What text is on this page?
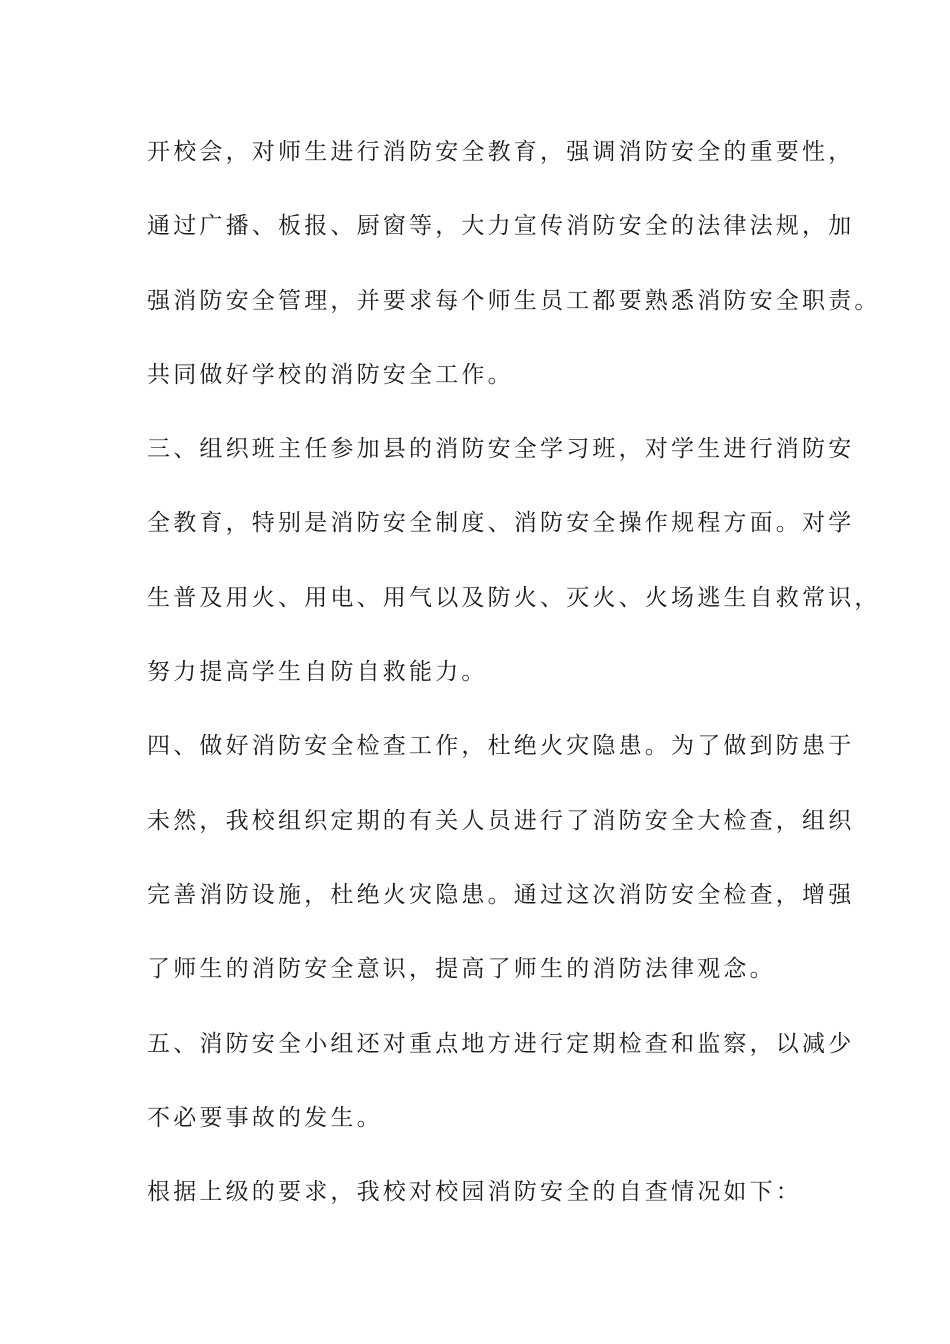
开校会，对师生进行消防安全教育，强调消防安全的重要性，
通过广播、板报、厨窗等，大力宣传消防安全的法律法规，加
强消防安全管理，并要求每个师生员工都要熟悉消防安全职责。
共同做好学校的消防安全工作。
三、组织班主任参加县的消防安全学习班，对学生进行消防安
全教育，特别是消防安全制度、消防安全操作规程方面。对学
生普及用火、用电、用气以及防火、灭火、火场逃生自救常识，
努力提高学生自防自救能力。
四、做好消防安全检查工作，杜绝火灾隐患。为了做到防患于
未然，我校组织定期的有关人员进行了消防安全大检查，组织
完善消防设施，杜绝火灾隐患。通过这次消防安全检查，增强
了师生的消防安全意识，提高了师生的消防法律观念。
五、消防安全小组还对重点地方进行定期检查和监察，以减少
不必要事故的发生。
根据上级的要求，我校对校园消防安全的自查情况如下：
